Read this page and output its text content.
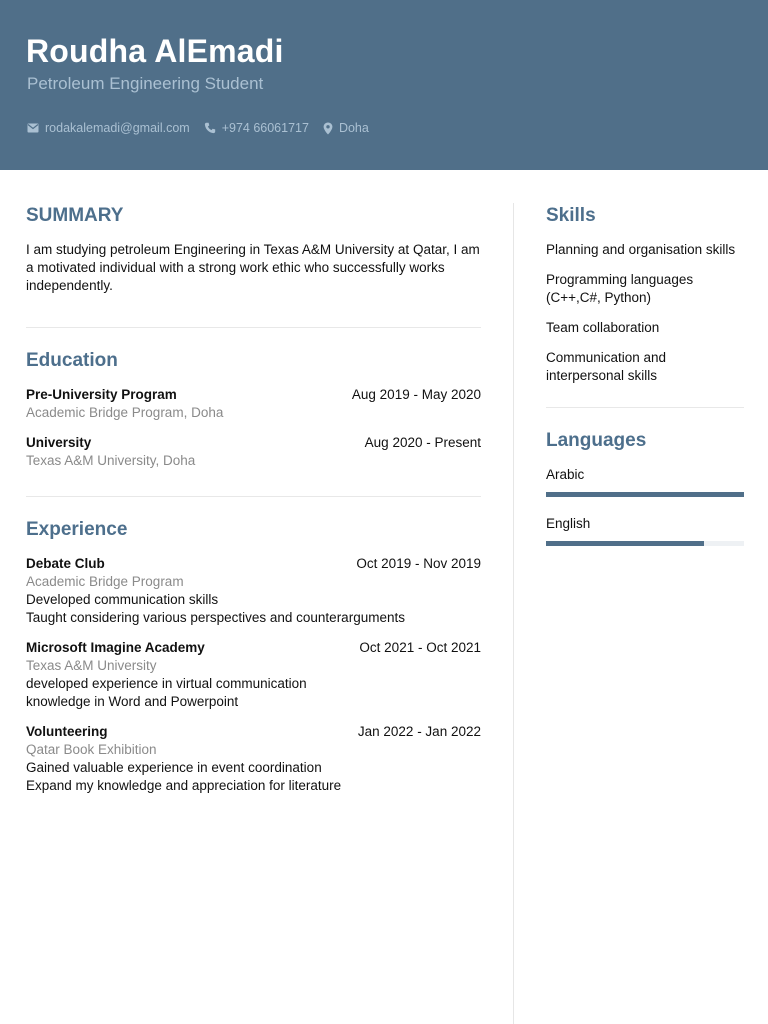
Roudha AlEmadi
Petroleum Engineering Student
rodakalemadi@gmail.com	+974 66061717 Doha
SUMMARY
I am studying petroleum Engineering in Texas A&M University at Qatar, I am a motivated individual with a strong work ethic who successfully works independently.
Education
Pre-University Program	Aug 2019 - May 2020
Academic Bridge Program, Doha
University	Aug 2020 - Present
Texas A&M University, Doha
Experience
Debate Club	Oct 2019 - Nov 2019
Academic Bridge Program
Developed communication skills
Taught considering various perspectives and counterarguments
Microsoft Imagine Academy	Oct 2021 - Oct 2021
Texas A&M University
developed experience in virtual communication
knowledge in Word and Powerpoint
Volunteering	Jan 2022 - Jan 2022
Qatar Book Exhibition
Gained valuable experience in event coordination
Expand my knowledge and appreciation for literature
Skills
Planning and organisation skills
Programming languages (C++,C#, Python)
Team collaboration
Communication and interpersonal skills
Languages
Arabic
English
